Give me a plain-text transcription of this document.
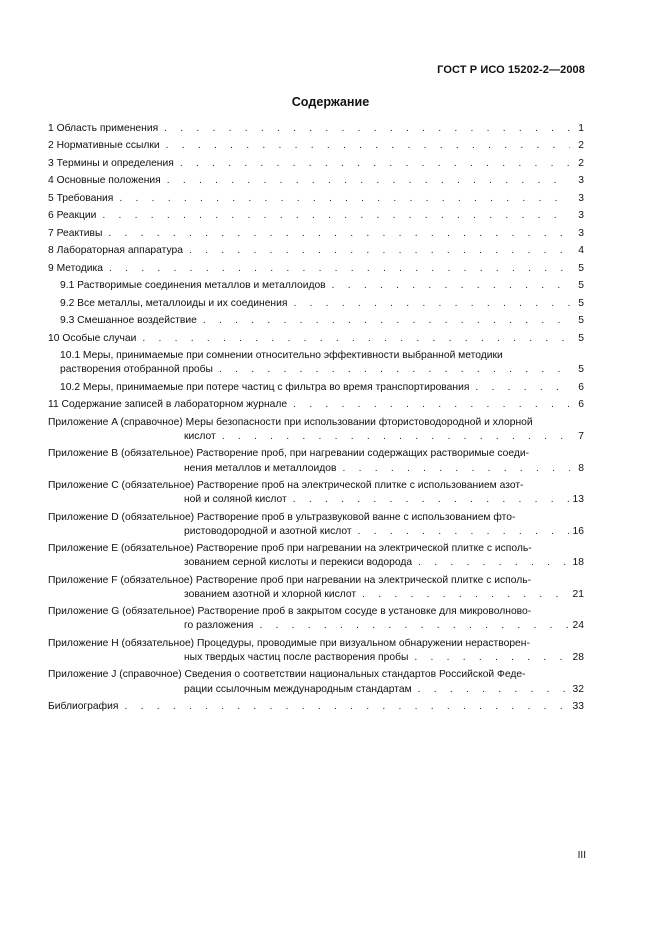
ГОСТ Р ИСО 15202-2—2008
Содержание
1 Область применения . . .	1
2 Нормативные ссылки . . .	2
3 Термины и определения . . .	2
4 Основные положения . . .	3
5 Требования . . .	3
6 Реакции . . .	3
7 Реактивы . . .	3
8 Лабораторная аппаратура . . .	4
9 Методика . . .	5
9.1 Растворимые соединения металлов и металлоидов . . .	5
9.2 Все металлы, металлоиды и их соединения . . .	5
9.3 Смешанное воздействие . . .	5
10 Особые случаи . . .	5
10.1 Меры, принимаемые при сомнении относительно эффективности выбранной методики
растворения отобранной пробы . . .	5
10.2 Меры, принимаемые при потере частиц с фильтра во время транспортирования . . .	6
11 Содержание записей в лабораторном журнале . . .	6
Приложение A (справочное) Меры безопасности при использовании фтористоводородной и хлорной
кислот . . .	7
Приложение B (обязательное) Растворение проб, при нагревании содержащих растворимые соеди-
нения металлов и металлоидов . . .	8
Приложение C (обязательное) Растворение проб на электрической плитке с использованием азот-
ной и соляной кислот . . .	13
Приложение D (обязательное) Растворение проб в ультразвуковой ванне с использованием фто-
ристоводородной и азотной кислот . . .	16
Приложение E (обязательное) Растворение проб при нагревании на электрической плитке с исполь-
зованием серной кислоты и перекиси водорода . . .	18
Приложение F (обязательное) Растворение проб при нагревании на электрической плитке с исполь-
зованием азотной и хлорной кислот . . .	21
Приложение G (обязательное) Растворение проб в закрытом сосуде в установке для микроволново-
го разложения . . .	24
Приложение H (обязательное) Процедуры, проводимые при визуальном обнаружении нерастворен-
ных твердых частиц после растворения пробы . . .	28
Приложение J (справочное) Сведения о соответствии национальных стандартов Российской Феде-
рации ссылочным международным стандартам . . .	32
Библиография . . .	33
III
